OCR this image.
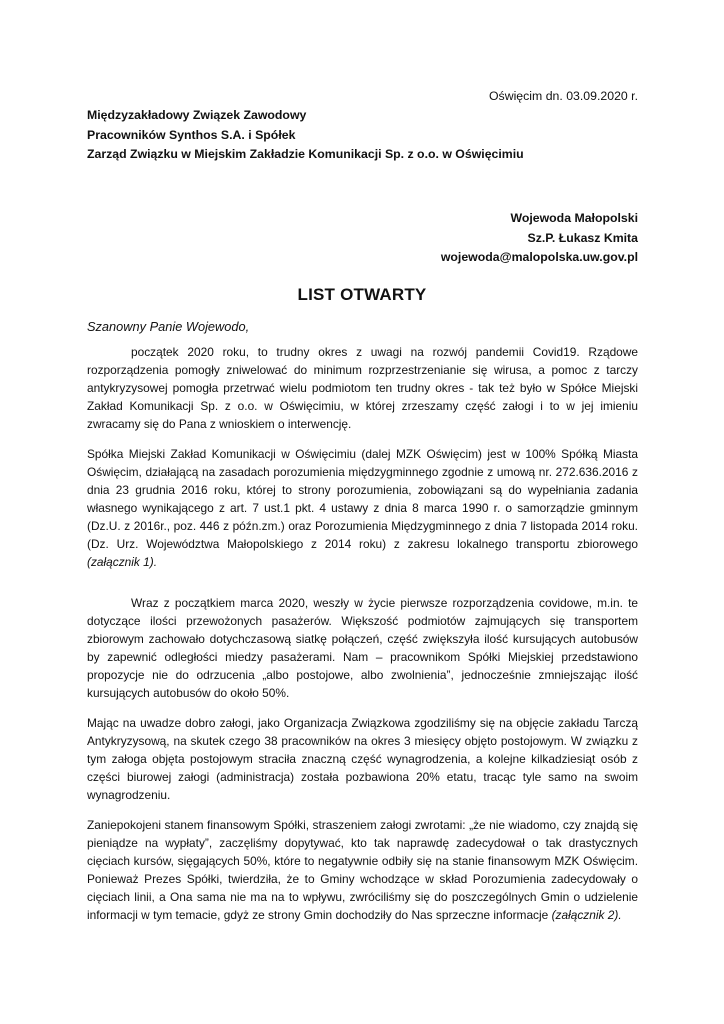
Oświęcim dn. 03.09.2020 r.
Międzyzakładowy Związek Zawodowy
Pracowników Synthos S.A. i Spółek
Zarząd Związku w Miejskim Zakładzie Komunikacji Sp. z o.o. w Oświęcimiu
Wojewoda Małopolski
Sz.P. Łukasz Kmita
wojewoda@malopolska.uw.gov.pl
LIST OTWARTY
Szanowny Panie Wojewodo,

początek 2020 roku, to trudny okres z uwagi na rozwój pandemii Covid19. Rządowe rozporządzenia pomogły zniwelować do minimum rozprzestrzenianie się wirusa, a pomoc z tarczy antykryzysowej pomogła przetrwać wielu podmiotom ten trudny okres - tak też było w Spółce Miejski Zakład Komunikacji Sp. z o.o. w Oświęcimiu, w której zrzeszamy część załogi i to w jej imieniu zwracamy się do Pana z wnioskiem o interwencję.

Spółka Miejski Zakład Komunikacji w Oświęcimiu (dalej MZK Oświęcim) jest w 100% Spółką Miasta Oświęcim, działającą na zasadach porozumienia międzygminnego zgodnie z umową nr. 272.636.2016 z dnia 23 grudnia 2016 roku, której to strony porozumienia, zobowiązani są do wypełniania zadania własnego wynikającego z art. 7 ust.1 pkt. 4 ustawy z dnia 8 marca 1990 r. o samorządzie gminnym (Dz.U. z 2016r., poz. 446 z późn.zm.) oraz Porozumienia Międzygminnego z dnia 7 listopada 2014 roku. (Dz. Urz. Województwa Małopolskiego z 2014 roku) z zakresu lokalnego transportu zbiorowego (załącznik 1).

Wraz z początkiem marca 2020, weszły w życie pierwsze rozporządzenia covidowe, m.in. te dotyczące ilości przewożonych pasażerów. Większość podmiotów zajmujących się transportem zbiorowym zachowało dotychczasową siatkę połączeń, część zwiększyła ilość kursujących autobusów by zapewnić odległości miedzy pasażerami. Nam – pracownikom Spółki Miejskiej przedstawiono propozycje nie do odrzucenia „albo postojowe, albo zwolnienia”, jednocześnie zmniejszając ilość kursujących autobusów do około 50%.

Mając na uwadze dobro załogi, jako Organizacja Związkowa zgodziliśmy się na objęcie zakładu Tarczą Antykryzysową, na skutek czego 38 pracowników na okres 3 miesięcy objęto postojowym. W związku z tym załoga objęta postojowym straciła znaczną część wynagrodzenia, a kolejne kilkadziesiąt osób z części biurowej załogi (administracja) została pozbawiona 20% etatu, tracąc tyle samo na swoim wynagrodzeniu.

Zaniepokojeni stanem finansowym Spółki, straszeniem załogi zwrotami: „że nie wiadomo, czy znajdą się pieniądze na wypłaty”, zaczęliśmy dopytywać, kto tak naprawdę zadecydował o tak drastycznych cięciach kursów, sięgających 50%, które to negatywnie odbiły się na stanie finansowym MZK Oświęcim. Ponieważ Prezes Spółki, twierdziła, że to Gminy wchodzące w skład Porozumienia zadecydowały o cięciach linii, a Ona sama nie ma na to wpływu, zwróciliśmy się do poszczególnych Gmin o udzielenie informacji w tym temacie, gdyż ze strony Gmin dochodziły do Nas sprzeczne informacje (załącznik 2).
